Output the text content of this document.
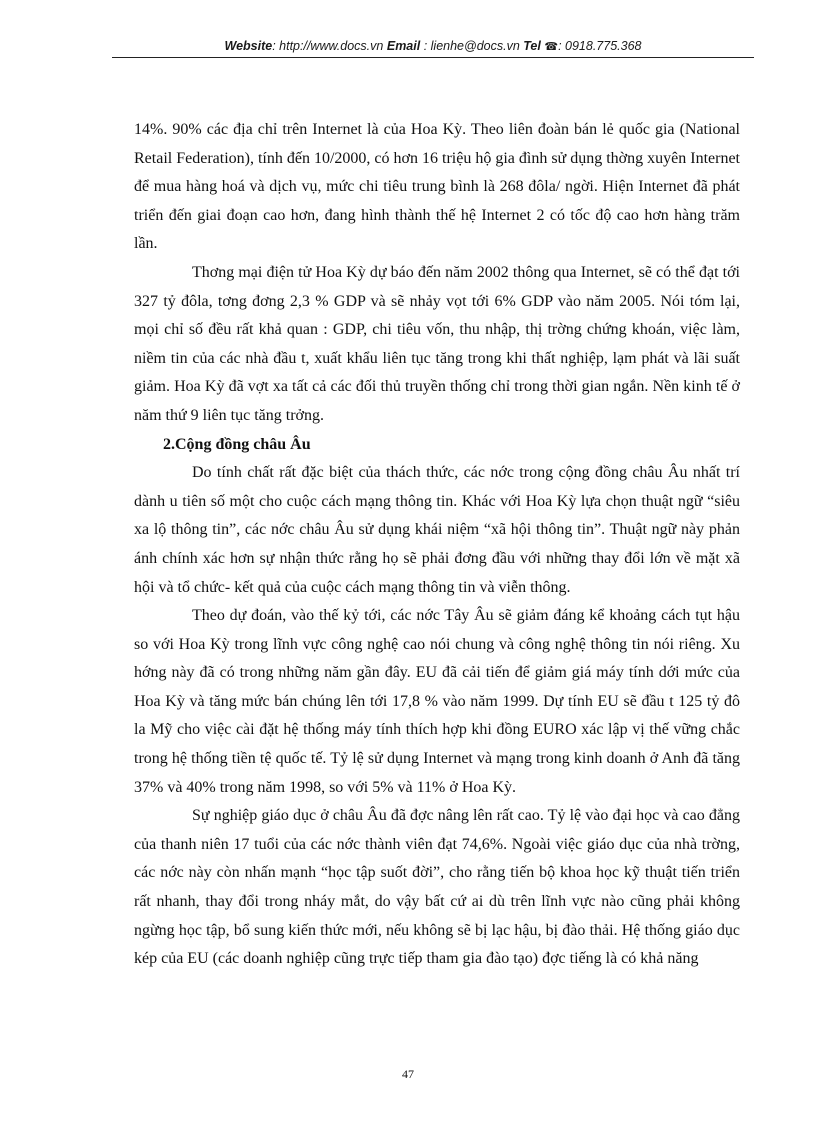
Website: http://www.docs.vn Email : lienhe@docs.vn Tel ☎: 0918.775.368

14%. 90% các địa chỉ trên Internet là của Hoa Kỳ. Theo liên đoàn bán lẻ quốc gia (National Retail Federation), tính đến 10/2000, có hơn 16 triệu hộ gia đình sử dụng thờng xuyên Internet để mua hàng hoá và dịch vụ, mức chi tiêu trung bình là 268 đôla/ ngời. Hiện Internet đã phát triển đến giai đoạn cao hơn, đang hình thành thế hệ Internet 2 có tốc độ cao hơn hàng trăm lần.

Thơng mại điện tử Hoa Kỳ dự báo đến năm 2002 thông qua Internet, sẽ có thể đạt tới 327 tỷ đôla, tơng đơng 2,3 % GDP và sẽ nhảy vọt tới 6% GDP vào năm 2005. Nói tóm lại, mọi chỉ số đều rất khả quan : GDP, chi tiêu vốn, thu nhập, thị trờng chứng khoán, việc làm, niềm tin của các nhà đầu t, xuất khẩu liên tục tăng trong khi thất nghiệp, lạm phát và lãi suất giảm. Hoa Kỳ đã vợt xa tất cả các đối thủ truyền thống chỉ trong thời gian ngắn. Nền kinh tế ở năm thứ 9 liên tục tăng trởng.

2.Cộng đồng châu Âu

Do tính chất rất đặc biệt của thách thức, các nớc trong cộng đồng châu Âu nhất trí dành u tiên số một cho cuộc cách mạng thông tin. Khác với Hoa Kỳ lựa chọn thuật ngữ “siêu xa lộ thông tin”, các nớc châu Âu sử dụng khái niệm “xã hội thông tin”. Thuật ngữ này phản ánh chính xác hơn sự nhận thức rằng họ sẽ phải đơng đầu với những thay đổi lớn về mặt xã hội và tổ chức- kết quả của cuộc cách mạng thông tin và viễn thông.

Theo dự đoán, vào thế kỷ tới, các nớc Tây Âu sẽ giảm đáng kể khoảng cách tụt hậu so với Hoa Kỳ trong lĩnh vực công nghệ cao nói chung và công nghệ thông tin nói riêng. Xu hớng này đã có trong những năm gần đây. EU đã cải tiến để giảm giá máy tính dới mức của Hoa Kỳ và tăng mức bán chúng lên tới 17,8 % vào năm 1999. Dự tính EU sẽ đầu t 125 tỷ đô la Mỹ cho việc cài đặt hệ thống máy tính thích hợp khi đồng EURO xác lập vị thế vững chắc trong hệ thống tiền tệ quốc tế. Tỷ lệ sử dụng Internet và mạng trong kinh doanh ở Anh đã tăng 37% và 40% trong năm 1998, so với 5% và 11% ở Hoa Kỳ.

Sự nghiệp giáo dục ở châu Âu đã đợc nâng lên rất cao. Tỷ lệ vào đại học và cao đẳng của thanh niên 17 tuổi của các nớc thành viên đạt 74,6%. Ngoài việc giáo dục của nhà trờng, các nớc này còn nhấn mạnh “học tập suốt đời”, cho rằng tiến bộ khoa học kỹ thuật tiến triển rất nhanh, thay đổi trong nháy mắt, do vậy bất cứ ai dù trên lĩnh vực nào cũng phải không ngừng học tập, bổ sung kiến thức mới, nếu không sẽ bị lạc hậu, bị đào thải. Hệ thống giáo dục kép của EU (các doanh nghiệp cũng trực tiếp tham gia đào tạo) đợc tiếng là có khả năng

47
